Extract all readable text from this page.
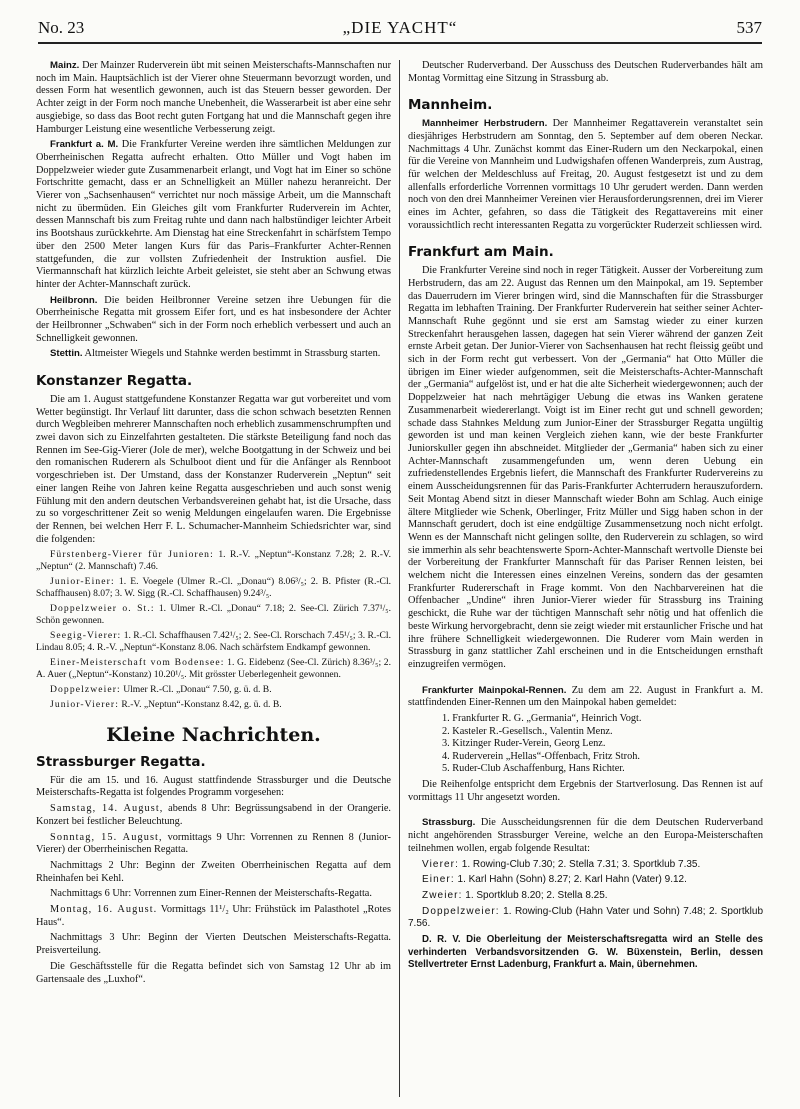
No. 23	„DIE YACHT“	537

Mainz. Der Mainzer Ruderverein übt mit seinen Meisterschafts-Mannschaften nur noch im Main. Hauptsächlich ist der Vierer ohne Steuermann bevorzugt worden, und dessen Form hat wesentlich gewonnen, auch ist das Steuern besser geworden. Der Achter zeigt in der Form noch manche Unebenheit, die Wasserarbeit ist aber eine sehr ausgiebige, so dass das Boot recht guten Fortgang hat und die Mannschaft gegen ihre Hamburger Leistung eine wesentliche Verbesserung zeigt.

Frankfurt a. M. Die Frankfurter Vereine werden ihre sämtlichen Meldungen zur Oberrheinischen Regatta aufrecht erhalten. Otto Müller und Vogt haben im Doppelzweier wieder gute Zusammenarbeit erlangt, und Vogt hat im Einer so schöne Fortschritte gemacht, dass er an Schnelligkeit an Müller nahezu heranreicht. Der Vierer von „Sachsenhausen“ verrichtet nur noch mässige Arbeit, um die Mannschaft nicht zu übermüden. Ein Gleiches gilt vom Frankfurter Ruderverein im Achter, dessen Mannschaft bis zum Freitag ruhte und dann nach halbstündiger leichter Arbeit ins Bootshaus zurückkehrte. Am Dienstag hat eine Streckenfahrt in schärfstem Tempo über den 2500 Meter langen Kurs für das Paris–Frankfurter Achter-Rennen stattgefunden, die zur vollsten Zufriedenheit der Instruktion ausfiel. Die Viermannschaft hat kürzlich leichte Arbeit geleistet, sie steht aber an Schwung etwas hinter der Achter-Mannschaft zurück.

Heilbronn. Die beiden Heilbronner Vereine setzen ihre Uebungen für die Oberrheinische Regatta mit grossem Eifer fort, und es hat insbesondere der Achter der Heilbronner „Schwaben“ sich in der Form noch erheblich verbessert und auch an Schnelligkeit gewonnen.

Stettin. Altmeister Wiegels und Stahnke werden bestimmt in Strassburg starten.

Konstanzer Regatta.

Die am 1. August stattgefundene Konstanzer Regatta war gut vorbereitet und vom Wetter begünstigt. Ihr Verlauf litt darunter, dass die schon schwach besetzten Rennen durch Wegbleiben mehrerer Mannschaften noch erheblich zusammenschrumpften und zwei davon sich zu Einzelfahrten gestalteten. Die stärkste Beteiligung fand noch das Rennen im See-Gig-Vierer (Jole de mer), welche Bootgattung in der Schweiz und bei den romanischen Ruderern als Schulboot dient und für die Anfänger als Rennboot vorgeschrieben ist. Der Umstand, dass der Konstanzer Ruderverein „Neptun“ seit einer langen Reihe von Jahren keine Regatta ausgeschrieben und auch sonst wenig Fühlung mit den andern deutschen Verbandsvereinen gehabt hat, ist die Ursache, dass zu so vorgeschrittener Zeit so wenig Meldungen eingelaufen waren. Die Ergebnisse der Rennen, bei welchen Herr F. L. Schumacher-Mannheim Schiedsrichter war, sind die folgenden:

Fürstenberg-Vierer für Junioren: 1. R.-V. „Neptun“-Konstanz 7.28; 2. R.-V. „Neptun“ (2. Mannschaft) 7.46.

Junior-Einer: 1. E. Voegele (Ulmer R.-Cl. „Donau“) 8.06³/₅; 2. B. Pfister (R.-Cl. Schaffhausen) 8.07; 3. W. Sigg (R.-Cl. Schaffhausen) 9.24³/₅.

Doppelzweier o. St.: 1. Ulmer R.-Cl. „Donau“ 7.18; 2. See-Cl. Zürich 7.37¹/₅. Schön gewonnen.

Seegig-Vierer: 1. R.-Cl. Schaffhausen 7.42¹/₅; 2. See-Cl. Rorschach 7.45¹/₅; 3. R.-Cl. Lindau 8.05; 4. R.-V. „Neptun“-Konstanz 8.06. Nach schärfstem Endkampf gewonnen.

Einer-Meisterschaft vom Bodensee: 1. G. Eidebenz (See-Cl. Zürich) 8.36³/₅; 2. A. Auer („Neptun“-Konstanz) 10.20¹/₅. Mit grösster Ueberlegenheit gewonnen.

Doppelzweier: Ulmer R.-Cl. „Donau“ 7.50, g. ü. d. B.

Junior-Vierer: R.-V. „Neptun“-Konstanz 8.42, g. ü. d. B.

Kleine Nachrichten.
Strassburger Regatta.

Für die am 15. und 16. August stattfindende Strassburger und die Deutsche Meisterschafts-Regatta ist folgendes Programm vorgesehen:

Samstag, 14. August, abends 8 Uhr: Begrüssungsabend in der Orangerie. Konzert bei festlicher Beleuchtung.

Sonntag, 15. August, vormittags 9 Uhr: Vorrennen zu Rennen 8 (Junior-Vierer) der Oberrheinischen Regatta.

Nachmittags 2 Uhr: Beginn der Zweiten Oberrheinischen Regatta auf dem Rheinhafen bei Kehl.

Nachmittags 6 Uhr: Vorrennen zum Einer-Rennen der Meisterschafts-Regatta.

Montag, 16. August. Vormittags 11¹/₂ Uhr: Frühstück im Palasthotel „Rotes Haus“.

Nachmittags 3 Uhr: Beginn der Vierten Deutschen Meisterschafts-Regatta. Preisverteilung.

Die Geschäftsstelle für die Regatta befindet sich von Samstag 12 Uhr ab im Gartensaale des „Luxhof“.

Deutscher Ruderverband. Der Ausschuss des Deutschen Ruderverbandes hält am Montag Vormittag eine Sitzung in Strassburg ab.

Mannheim.

Mannheimer Herbstrudern. Der Mannheimer Regattaverein veranstaltet sein diesjähriges Herbstrudern am Sonntag, den 5. September auf dem oberen Neckar. Nachmittags 4 Uhr. Zunächst kommt das Einer-Rudern um den Neckarpokal, einen für die Vereine von Mannheim und Ludwigshafen offenen Wanderpreis, zum Austrag, für welchen der Meldeschluss auf Freitag, 20. August festgesetzt ist und zu dem allenfalls erforderliche Vorrennen vormittags 10 Uhr gerudert werden. Dann werden noch von den drei Mannheimer Vereinen vier Herausforderungsrennen, drei im Vierer eines im Achter, gefahren, so dass die Tätigkeit des Regattavereins mit einer voraussichtlich recht interessanten Regatta zu vorgerückter Ruderzeit schliessen wird.

Frankfurt am Main.

Die Frankfurter Vereine sind noch in reger Tätigkeit. Ausser der Vorbereitung zum Herbstrudern, das am 22. August das Rennen um den Mainpokal, am 19. September das Dauerrudern im Vierer bringen wird, sind die Mannschaften für die Strassburger Regatta im lebhaften Training. Der Frankfurter Ruderverein hat seither seiner Achter-Mannschaft Ruhe gegönnt und sie erst am Samstag wieder zu einer kurzen Streckenfahrt herausgehen lassen, dagegen hat sein Vierer während der ganzen Zeit ernste Arbeit getan. Der Junior-Vierer von Sachsenhausen hat recht fleissig geübt und sich in der Form recht gut verbessert. Von der „Germania“ hat Otto Müller die übrigen im Einer wieder aufgenommen, seit die Meisterschafts-Achter-Mannschaft der „Germania“ aufgelöst ist, und er hat die alte Sicherheit wiedergewonnen; auch der Doppelzweier hat nach mehrtägiger Uebung die etwas ins Wanken geratene Zusammenarbeit wiedererlangt. Voigt ist im Einer recht gut und schnell geworden; schade dass Stahnkes Meldung zum Junior-Einer der Strassburger Regatta ungültig geworden ist und man keinen Vergleich ziehen kann, wie der beste Frankfurter Juniorskuller gegen ihn abschneidet. Mitglieder der „Germania“ haben sich zu einer Achter-Mannschaft zusammengefunden um, wenn deren Uebung ein zufriedenstellendes Ergebnis liefert, die Mannschaft des Frankfurter Rudervereins zu einem Ausscheidungsrennen für das Paris-Frankfurter Achterrudern herauszufordern. Seit Montag Abend sitzt in dieser Mannschaft wieder Bohn am Schlag. Auch einige ältere Mitglieder wie Schenk, Oberlinger, Fritz Müller und Sigg haben schon in der Mannschaft gerudert, doch ist eine endgültige Zusammensetzung noch nicht erfolgt. Wenn es der Mannschaft nicht gelingen sollte, den Ruderverein zu schlagen, so wird sie immerhin als sehr beachtenswerte Sporn-Achter-Mannschaft wertvolle Dienste bei der Vorbereitung der Frankfurter Mannschaft für das Pariser Rennen leisten, bei welchem nicht die Interessen eines einzelnen Vereins, sondern das der gesamten Frankfurter Rudererschaft in Frage kommt. Von den Nachbarvereinen hat die Offenbacher „Undine“ ihren Junior-Vierer wieder für Strassburg ins Training geschickt, die Ruhe war der tüchtigen Mannschaft sehr nötig und hat offenlich die beste Wirkung hervorgebracht, denn sie zeigt wieder mit erstaunlicher Frische und hat ihre frühere Schnelligkeit wiedergewonnen. Die Ruderer vom Main werden in Strassburg in ganz stattlicher Zahl erscheinen und in die Entscheidungen ernsthaft einzugreifen vermögen.

Frankfurter Mainpokal-Rennen. Zu dem am 22. August in Frankfurt a. M. stattfindenden Einer-Rennen um den Mainpokal haben gemeldet:

1. Frankfurter R. G. „Germania“, Heinrich Vogt.
2. Kasteler R.-Gesellsch., Valentin Menz.
3. Kitzinger Ruder-Verein, Georg Lenz.
4. Ruderverein „Hellas“-Offenbach, Fritz Stroh.
5. Ruder-Club Aschaffenburg, Hans Richter.

Die Reihenfolge entspricht dem Ergebnis der Startverlosung. Das Rennen ist auf vormittags 11 Uhr angesetzt worden.

Strassburg. Die Ausscheidungsrennen für die dem Deutschen Ruderverband nicht angehörenden Strassburger Vereine, welche an den Europa-Meisterschaften teilnehmen wollen, ergab folgende Resultat:

Vierer: 1. Rowing-Club 7.30; 2. Stella 7.31; 3. Sportklub 7.35.

Einer: 1. Karl Hahn (Sohn) 8.27; 2. Karl Hahn (Vater) 9.12.

Zweier: 1. Sportklub 8.20; 2. Stella 8.25.

Doppelzweier: 1. Rowing-Club (Hahn Vater und Sohn) 7.48; 2. Sportklub 7.56.

D. R. V. Die Oberleitung der Meisterschaftsregatta wird an Stelle des verhinderten Verbandsvorsitzenden G. W. Büxenstein, Berlin, dessen Stellvertreter Ernst Ladenburg, Frankfurt a. Main, übernehmen.
